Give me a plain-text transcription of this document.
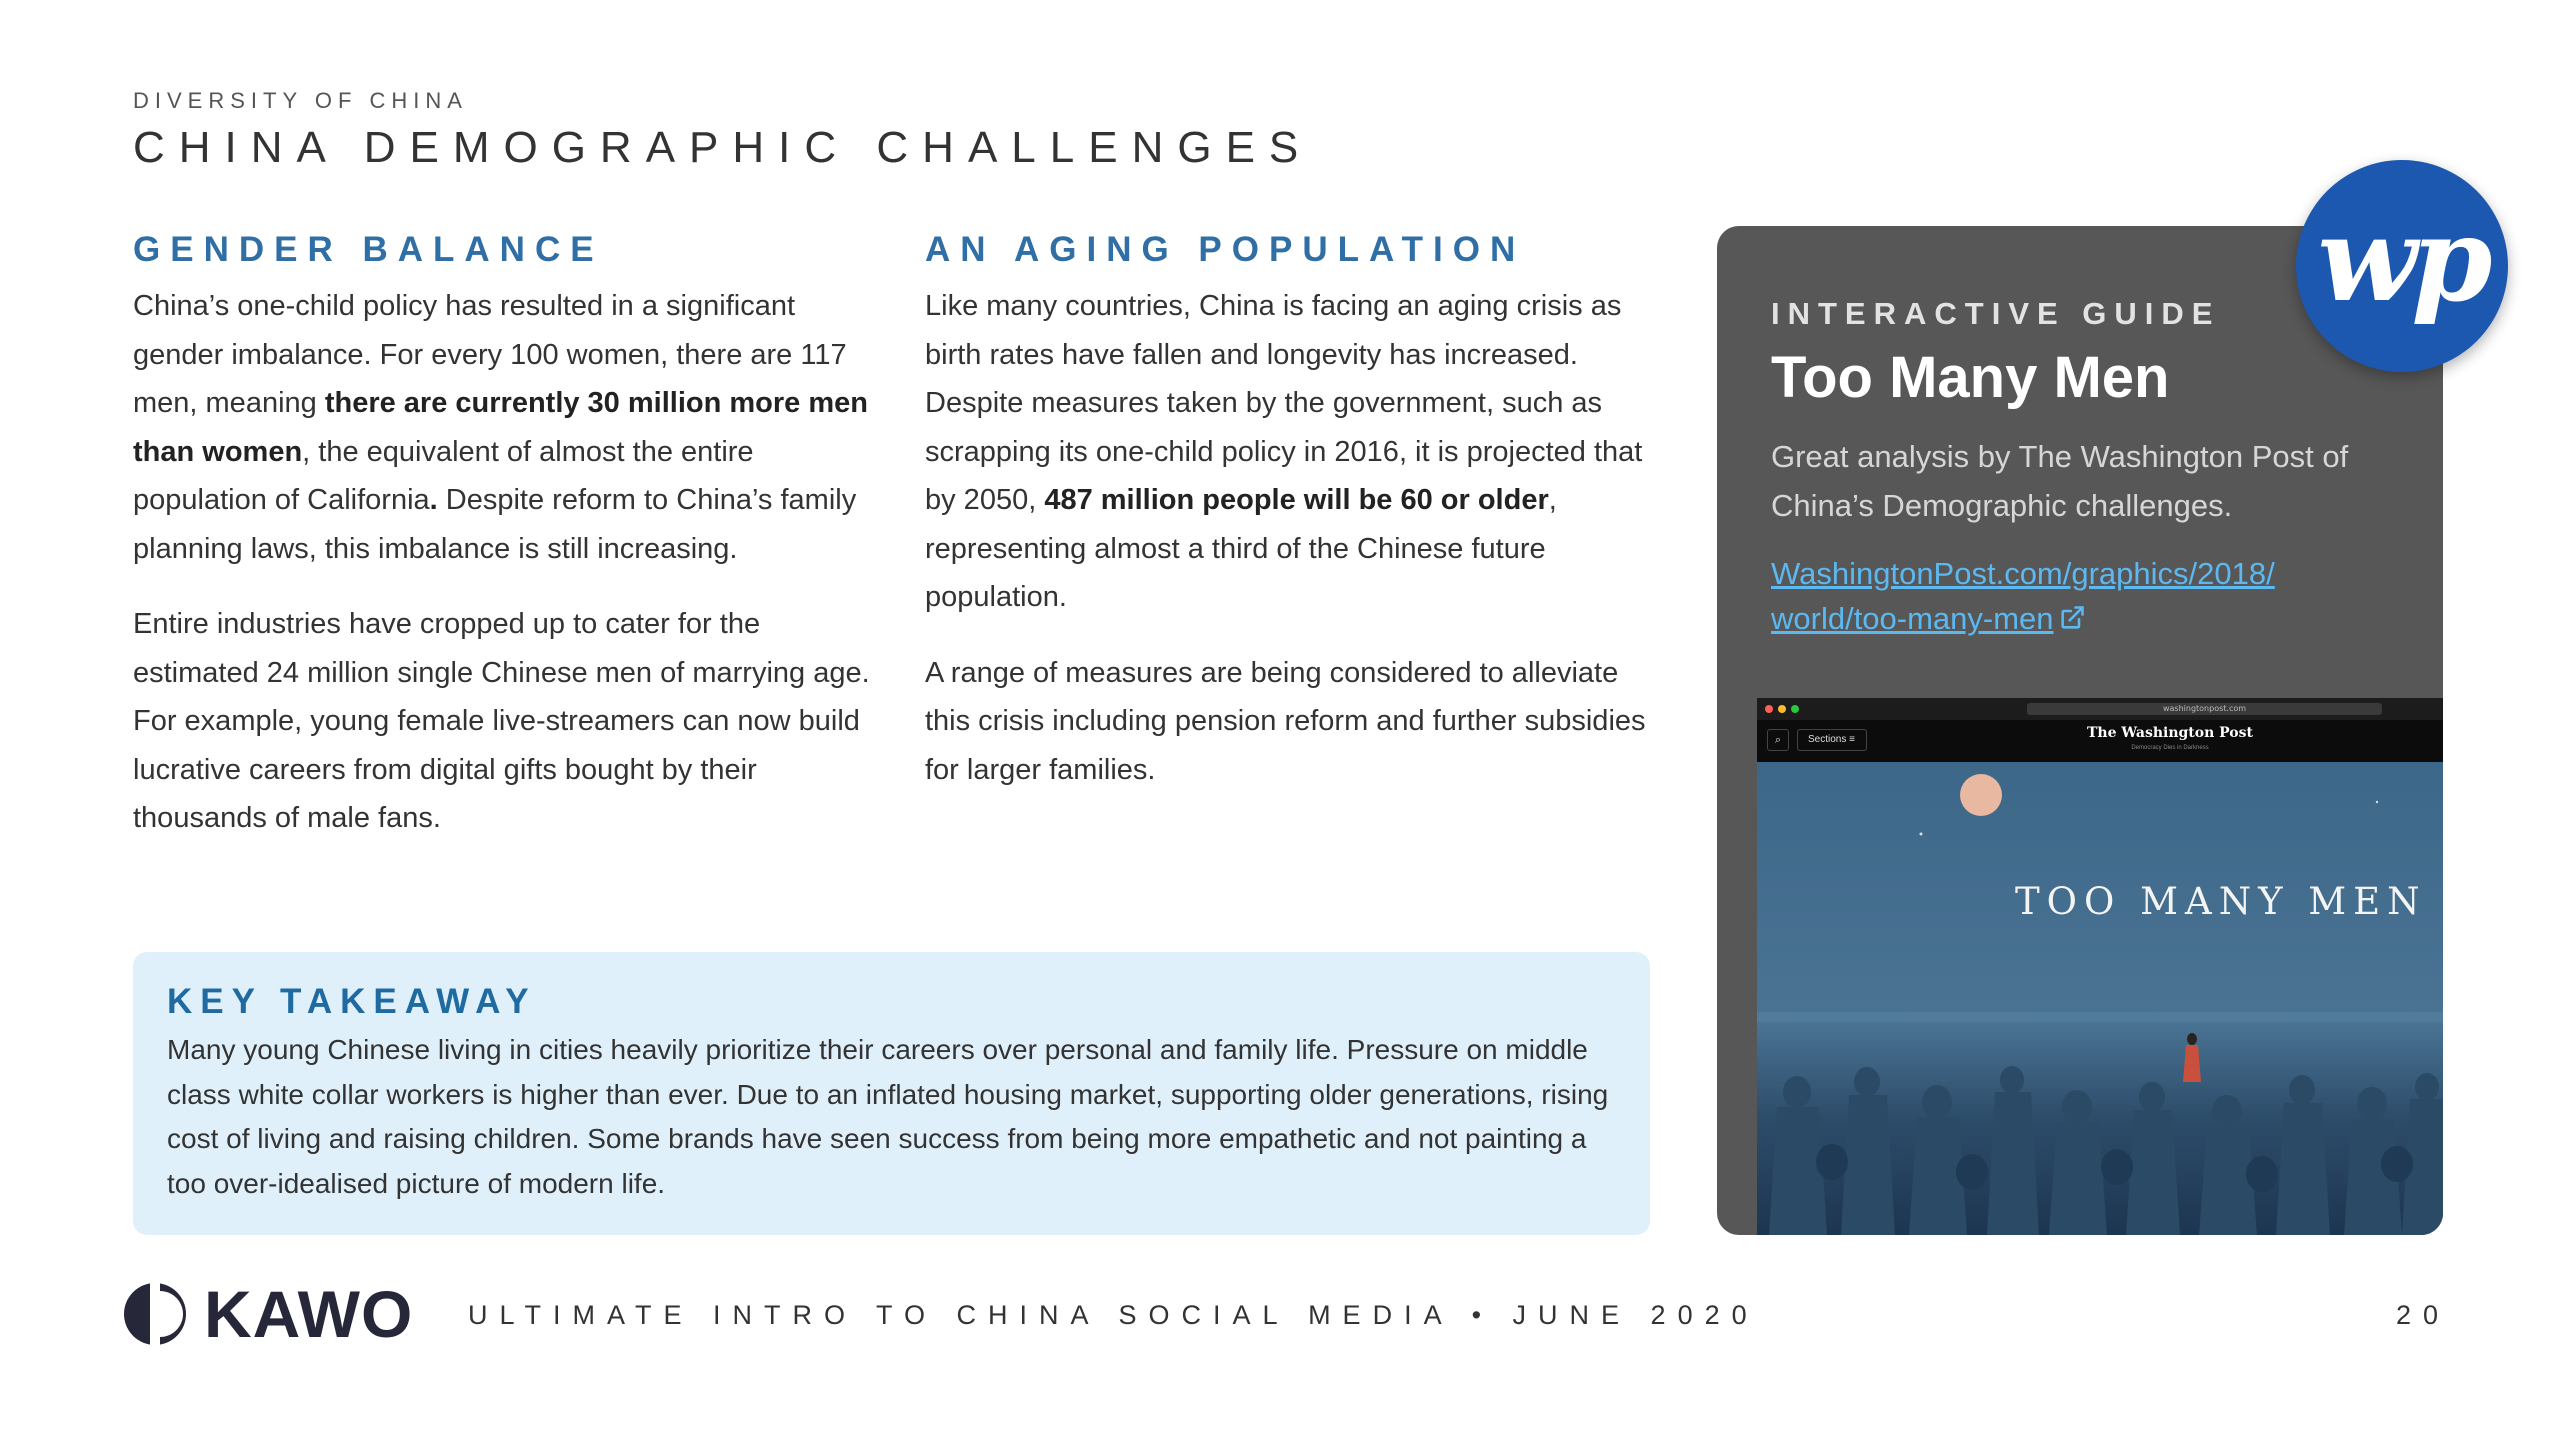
DIVERSITY OF CHINA
CHINA DEMOGRAPHIC CHALLENGES
GENDER BALANCE

China’s one-child policy has resulted in a significant gender imbalance. For every 100 women, there are 117 men, meaning there are currently 30 million more men than women, the equivalent of almost the entire population of California. Despite reform to China’s family planning laws, this imbalance is still increasing.

Entire industries have cropped up to cater for the estimated 24 million single Chinese men of marrying age. For example, young female live-streamers can now build lucrative careers from digital gifts bought by their thousands of male fans.

AN AGING POPULATION

Like many countries, China is facing an aging crisis as birth rates have fallen and longevity has increased. Despite measures taken by the government, such as scrapping its one-child policy in 2016, it is projected that by 2050, 487 million people will be 60 or older, representing almost a third of the Chinese future population.

A range of measures are being considered to alleviate this crisis including pension reform and further subsidies for larger families.

KEY TAKEAWAY

Many young Chinese living in cities heavily prioritize their careers over personal and family life. Pressure on middle class white collar workers is higher than ever. Due to an inflated housing market, supporting older generations, rising cost of living and raising children. Some brands have seen success from being more empathetic and not painting a too over-idealised picture of modern life.

INTERACTIVE GUIDE
Too Many Men
Great analysis by The Washington Post of China’s Demographic challenges.
WashingtonPost.com/graphics/2018/ world/too-many-men
washingtonpost.com
⌕	Sections ≡	The Washington Post
Democracy Dies in Darkness
TOO MANY MEN
wp
KAWO ULTIMATE INTRO TO CHINA SOCIAL MEDIA • JUNE 2020	20
